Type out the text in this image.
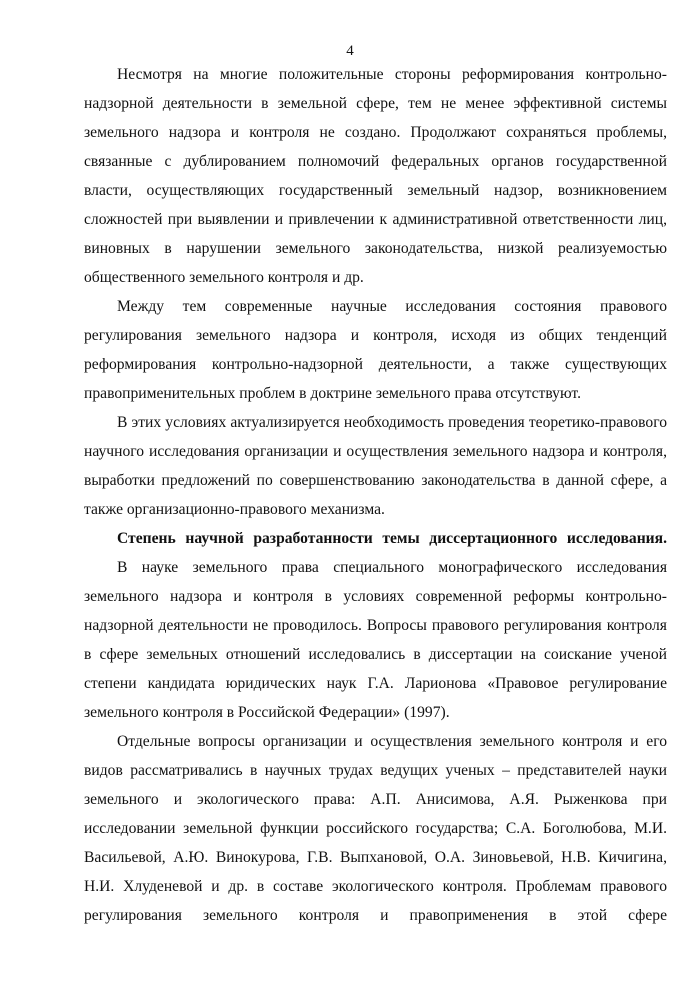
4

Несмотря на многие положительные стороны реформирования контрольно-надзорной деятельности в земельной сфере, тем не менее эффективной системы земельного надзора и контроля не создано. Продолжают сохраняться проблемы, связанные с дублированием полномочий федеральных органов государственной власти, осуществляющих государственный земельный надзор, возникновением сложностей при выявлении и привлечении к административной ответственности лиц, виновных в нарушении земельного законодательства, низкой реализуемостью общественного земельного контроля и др.

Между тем современные научные исследования состояния правового регулирования земельного надзора и контроля, исходя из общих тенденций реформирования контрольно-надзорной деятельности, а также существующих правоприменительных проблем в доктрине земельного права отсутствуют.

В этих условиях актуализируется необходимость проведения теоретико-правового научного исследования организации и осуществления земельного надзора и контроля, выработки предложений по совершенствованию законодательства в данной сфере, а также организационно-правового механизма.

Степень научной разработанности темы диссертационного исследования.

В науке земельного права специального монографического исследования земельного надзора и контроля в условиях современной реформы контрольно-надзорной деятельности не проводилось. Вопросы правового регулирования контроля в сфере земельных отношений исследовались в диссертации на соискание ученой степени кандидата юридических наук Г.А. Ларионова «Правовое регулирование земельного контроля в Российской Федерации» (1997).

Отдельные вопросы организации и осуществления земельного контроля и его видов рассматривались в научных трудах ведущих ученых – представителей науки земельного и экологического права: А.П. Анисимова, А.Я. Рыженкова при исследовании земельной функции российского государства; С.А. Боголюбова, М.И. Васильевой, А.Ю. Винокурова, Г.В. Выпхановой, О.А. Зиновьевой, Н.В. Кичигина, Н.И. Хлуденевой и др. в составе экологического контроля. Проблемам правового регулирования земельного контроля и правоприменения в этой сфере
